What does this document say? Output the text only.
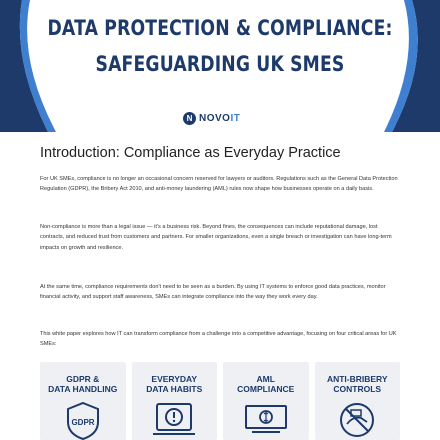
DATA PROTECTION & COMPLIANCE:
SAFEGUARDING UK SMES
N NOVOIT
Introduction: Compliance as Everyday Practice
For UK SMEs, compliance is no longer an occasional concern reserved for lawyers or auditors. Regulations such as the General Data Protection Regulation (GDPR), the Bribery Act 2010, and anti-money laundering (AML) rules now shape how businesses operate on a daily basis.
Non-compliance is more than a legal issue — it's a business risk. Beyond fines, the consequences can include reputational damage, lost contracts, and reduced trust from customers and partners. For smaller organizations, even a single breach or investigation can have long-term impacts on growth and resilience.
At the same time, compliance requirements don't need to be seen as a burden. By using IT systems to enforce good data practices, monitor financial activity, and support staff awareness, SMEs can integrate compliance into the way they work every day.
This white paper explores how IT can transform compliance from a challenge into a competitive advantage, focusing on four critical areas for UK SMEs:
GDPR &
DATA HANDLING
GDPR
EVERYDAY
DATA HABITS
AML
COMPLIANCE
ANTI-BRIBERY
CONTROLS
